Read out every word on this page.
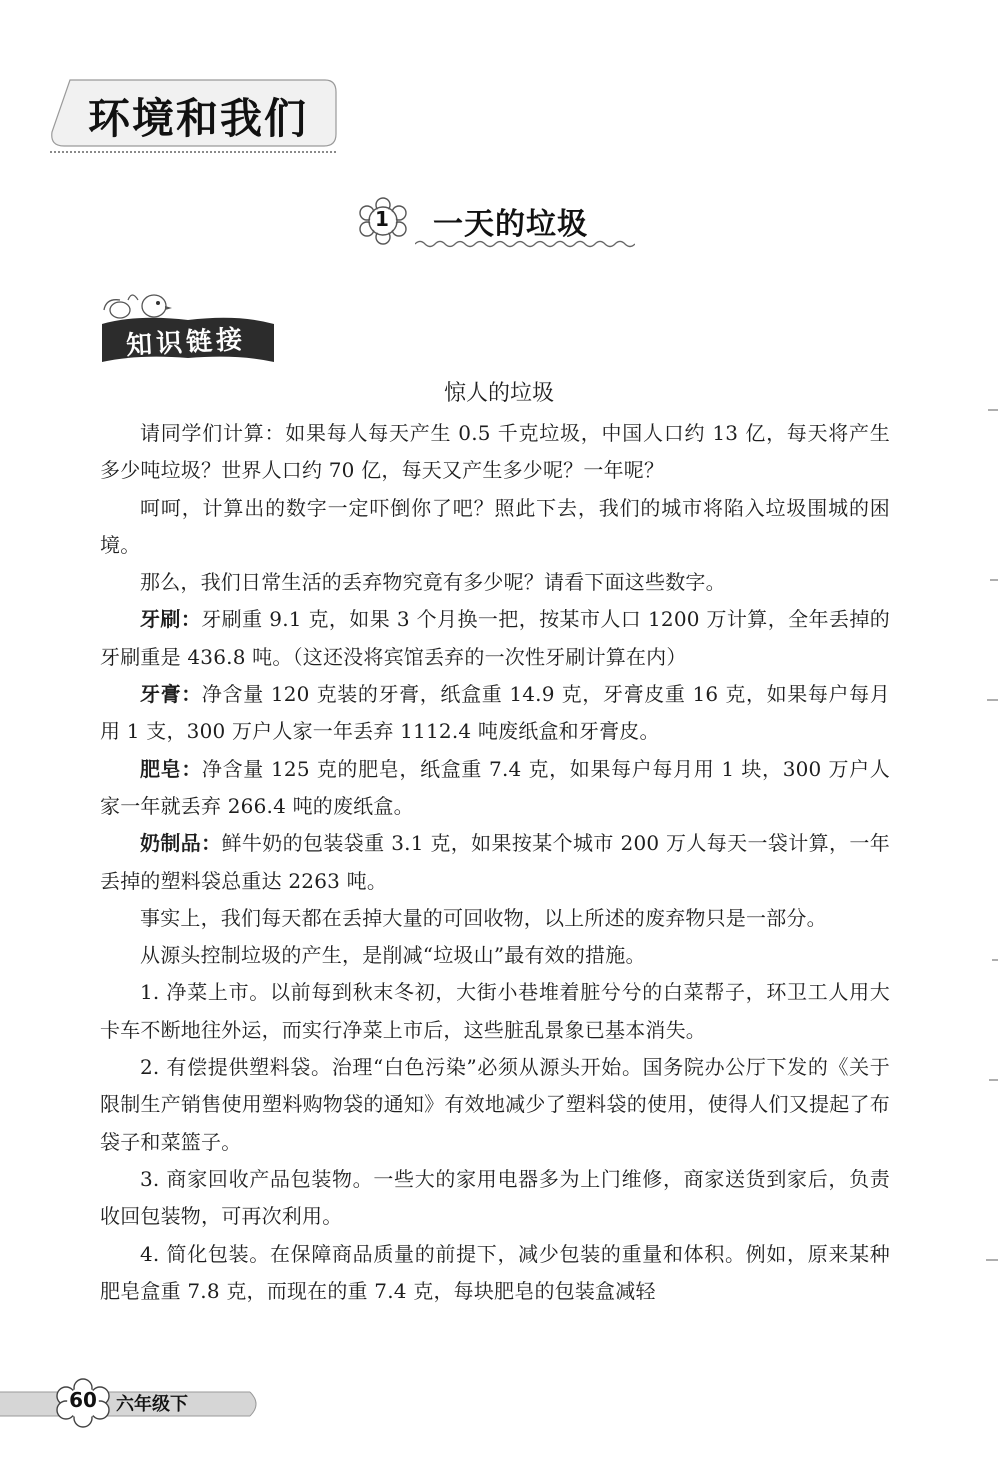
环境和我们
1 一天的垃圾
知识链接
惊人的垃圾

请同学们计算：如果每人每天产生 0.5 千克垃圾，中国人口约 13 亿，每天将产生多少吨垃圾？世界人口约 70 亿，每天又产生多少呢？一年呢？

呵呵，计算出的数字一定吓倒你了吧？照此下去，我们的城市将陷入垃圾围城的困境。

那么，我们日常生活的丢弃物究竟有多少呢？请看下面这些数字。

牙刷：牙刷重 9.1 克，如果 3 个月换一把，按某市人口 1200 万计算，全年丢掉的牙刷重是 436.8 吨。（这还没将宾馆丢弃的一次性牙刷计算在内）

牙膏：净含量 120 克装的牙膏，纸盒重 14.9 克，牙膏皮重 16 克，如果每户每月用 1 支，300 万户人家一年丢弃 1112.4 吨废纸盒和牙膏皮。

肥皂：净含量 125 克的肥皂，纸盒重 7.4 克，如果每户每月用 1 块，300 万户人家一年就丢弃 266.4 吨的废纸盒。

奶制品：鲜牛奶的包装袋重 3.1 克，如果按某个城市 200 万人每天一袋计算，一年丢掉的塑料袋总重达 2263 吨。

事实上，我们每天都在丢掉大量的可回收物，以上所述的废弃物只是一部分。

从源头控制垃圾的产生，是削减“垃圾山”最有效的措施。

1. 净菜上市。以前每到秋末冬初，大街小巷堆着脏兮兮的白菜帮子，环卫工人用大卡车不断地往外运，而实行净菜上市后，这些脏乱景象已基本消失。

2. 有偿提供塑料袋。治理“白色污染”必须从源头开始。国务院办公厅下发的《关于限制生产销售使用塑料购物袋的通知》有效地减少了塑料袋的使用，使得人们又提起了布袋子和菜篮子。

3. 商家回收产品包装物。一些大的家用电器多为上门维修，商家送货到家后，负责收回包装物，可再次利用。

4. 简化包装。在保障商品质量的前提下，减少包装的重量和体积。例如，原来某种肥皂盒重 7.8 克，而现在的重 7.4 克，每块肥皂的包装盒减轻

60	六年级下
